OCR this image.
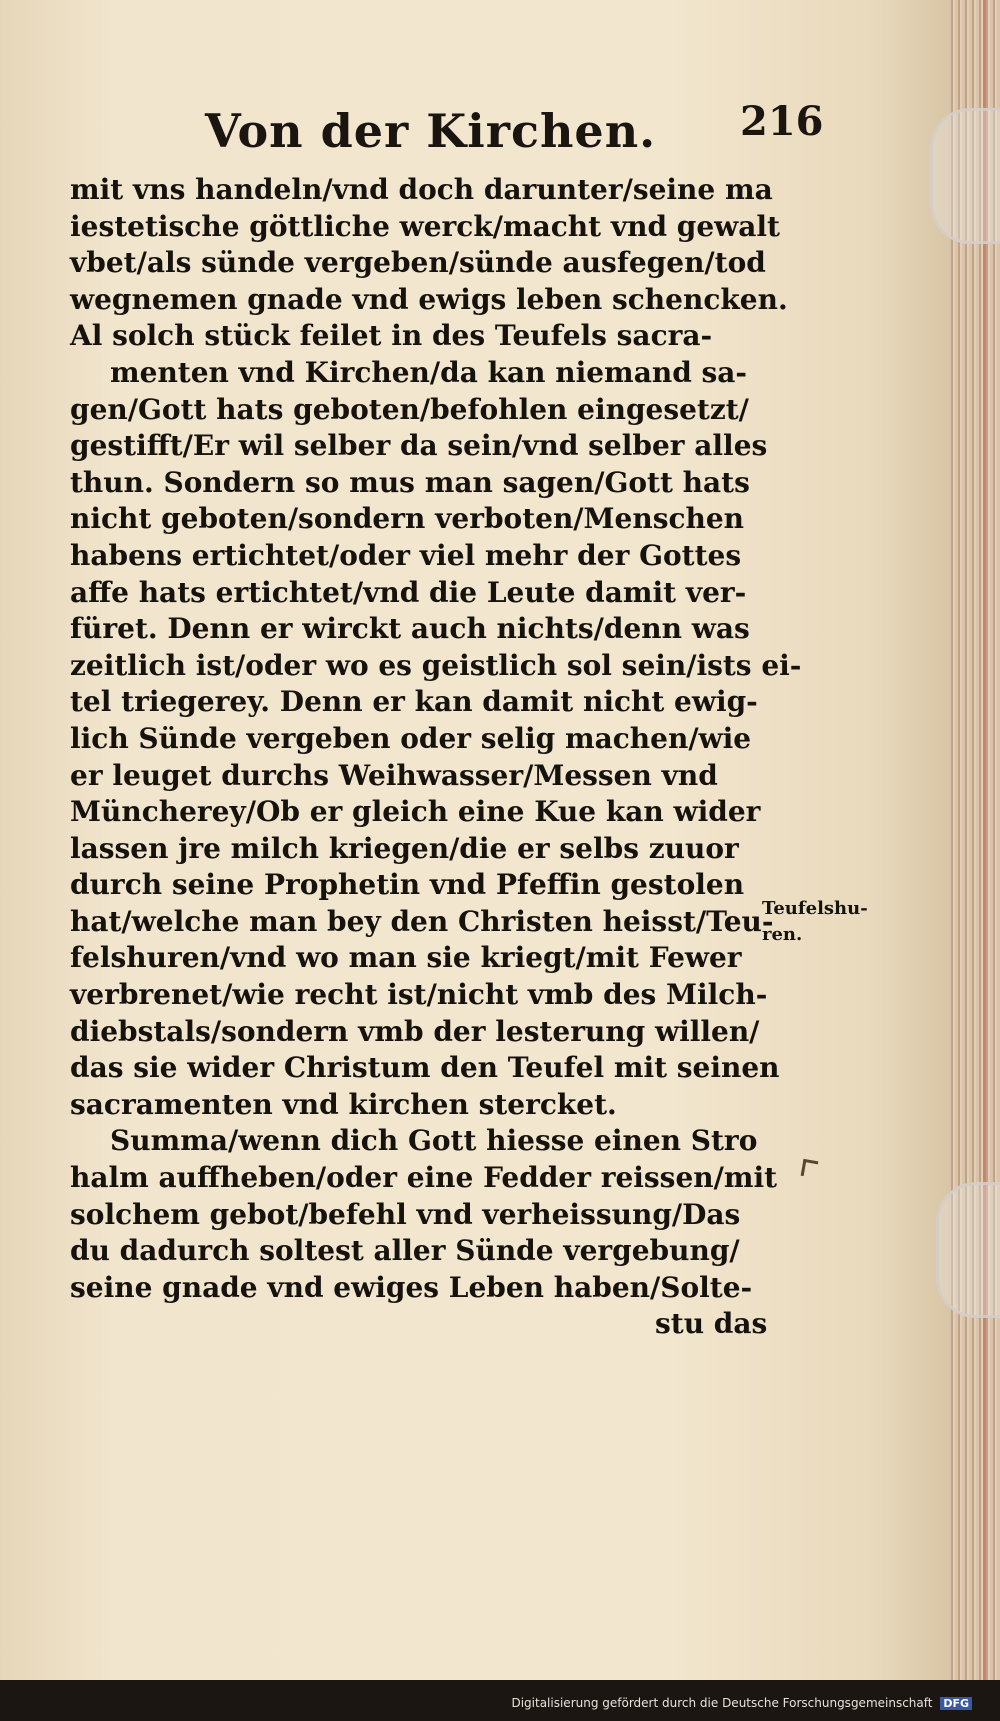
Von der Kirchen. 216
mit vns handeln/vnd doch darunter/seine ma
iestetische göttliche werck/macht vnd gewalt
vbet/als sünde vergeben/sünde ausfegen/tod
wegnemen gnade vnd ewigs leben schencken.
Al solch stück feilet in des Teufels sacra-
menten vnd Kirchen/da kan niemand sa-
gen/Gott hats geboten/befohlen eingesetzt/
gestifft/Er wil selber da sein/vnd selber alles
thun. Sondern so mus man sagen/Gott hats
nicht geboten/sondern verboten/Menschen
habens ertichtet/oder viel mehr der Gottes
affe hats ertichtet/vnd die Leute damit ver-
füret. Denn er wirckt auch nichts/denn was
zeitlich ist/oder wo es geistlich sol sein/ists ei-
tel triegerey. Denn er kan damit nicht ewig-
lich Sünde vergeben oder selig machen/wie
er leuget durchs Weihwasser/Messen vnd
Müncherey/Ob er gleich eine Kue kan wider
lassen jre milch kriegen/die er selbs zuuor
durch seine Prophetin vnd Pfeffin gestolen
hat/welche man bey den Christen heisst/Teu-
felshuren/vnd wo man sie kriegt/mit Fewer
verbrenet/wie recht ist/nicht vmb des Milch-
diebstals/sondern vmb der lesterung willen/
das sie wider Christum den Teufel mit seinen
sacramenten vnd kirchen stercket.
Summa/wenn dich Gott hiesse einen Stro
halm auffheben/oder eine Fedder reissen/mit
solchem gebot/befehl vnd verheissung/Das
du dadurch soltest aller Sünde vergebung/
seine gnade vnd ewiges Leben haben/Solte-
stu das
Teufelshu-
ren.
Digitalisierung gefördert durch die Deutsche Forschungsgemeinschaft DFG
